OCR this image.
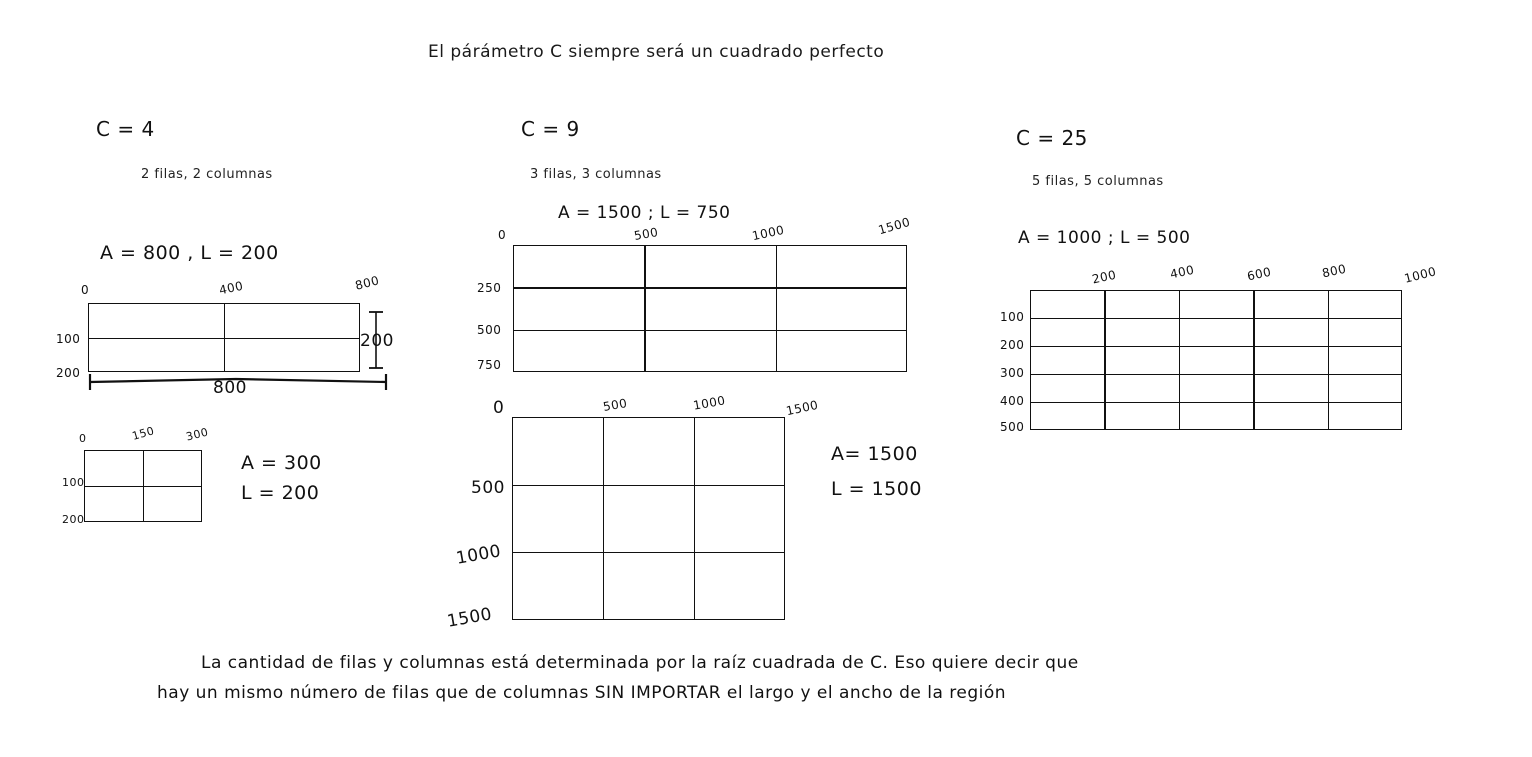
El párámetro C siempre será un cuadrado perfecto
C = 4
2 filas, 2 columnas
A = 800 , L = 200
0	400	800
100
200
800
200
0	150	300
100
200
A = 300
L = 200
C = 9
3 filas, 3 columnas
A = 1500 ; L = 750
0	500	1000	1500
250
500
750
0	500	1000	1500
500
1000
1500
A= 1500
L = 1500
C = 25
5 filas, 5 columnas
A = 1000 ; L = 500
200	400	600	800	1000
100
200
300
400
500
La cantidad de filas y columnas está determinada por la raíz cuadrada de C. Eso quiere decir que
hay un mismo número de filas que de columnas SIN IMPORTAR el largo y el ancho de la región
